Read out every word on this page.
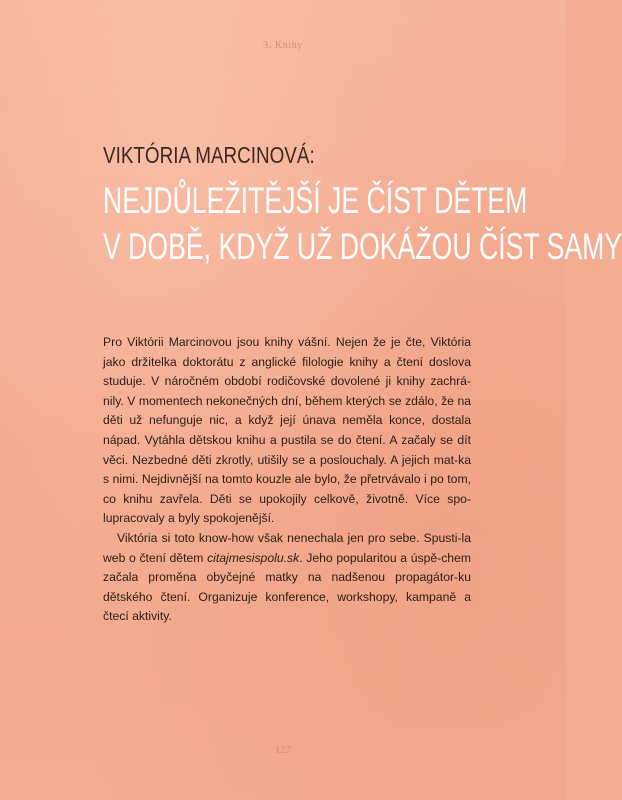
3. Knihy
VIKTÓRIA MARCINOVÁ:
NEJDŮLEŽITĚJŠÍ JE ČÍST DĚTEM
V DOBĚ, KDYŽ UŽ DOKÁŽOU ČÍST SAMY

Pro Viktórii Marcinovou jsou knihy vášní. Nejen že je čte, Viktória jako držitelka doktorátu z anglické filologie knihy a čtení doslova studuje. V náročném období rodičovské dovolené ji knihy zachrá-nily. V momentech nekonečných dní, během kterých se zdálo, že na děti už nefunguje nic, a když její únava neměla konce, dostala nápad. Vytáhla dětskou knihu a pustila se do čtení. A začaly se dít věci. Nezbedné děti zkrotly, utišily se a poslouchaly. A jejich mat-ka s nimi. Nejdivnější na tomto kouzle ale bylo, že přetrvávalo i po tom, co knihu zavřela. Děti se upokojily celkově, životně. Více spo-lupracovaly a byly spokojenější.

Viktória si toto know-how však nenechala jen pro sebe. Spusti-la web o čtení dětem citajmesispolu.sk. Jeho popularitou a úspě-chem začala proměna obyčejné matky na nadšenou propagátor-ku dětského čtení. Organizuje konference, workshopy, kampaně a čtecí aktivity.

127
